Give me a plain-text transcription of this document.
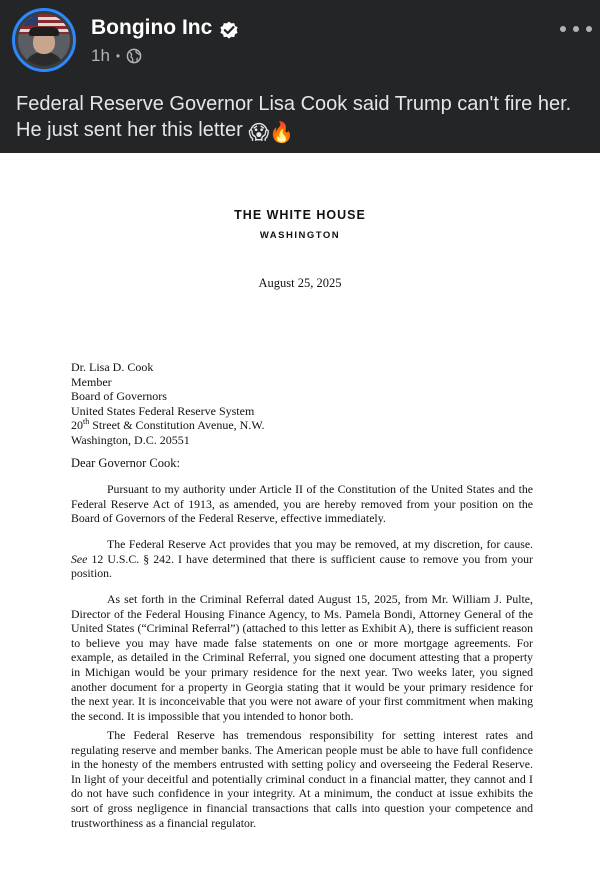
Bongino Inc
1h •
Federal Reserve Governor Lisa Cook said Trump can't fire her. He just sent her this letter 😱🔥
THE WHITE HOUSE
WASHINGTON
August 25, 2025
Dr. Lisa D. Cook
Member
Board of Governors
United States Federal Reserve System
20th Street & Constitution Avenue, N.W.
Washington, D.C. 20551
Dear Governor Cook:
Pursuant to my authority under Article II of the Constitution of the United States and the Federal Reserve Act of 1913, as amended, you are hereby removed from your position on the Board of Governors of the Federal Reserve, effective immediately.
The Federal Reserve Act provides that you may be removed, at my discretion, for cause. See 12 U.S.C. § 242. I have determined that there is sufficient cause to remove you from your position.
As set forth in the Criminal Referral dated August 15, 2025, from Mr. William J. Pulte, Director of the Federal Housing Finance Agency, to Ms. Pamela Bondi, Attorney General of the United States (“Criminal Referral”) (attached to this letter as Exhibit A), there is sufficient reason to believe you may have made false statements on one or more mortgage agreements. For example, as detailed in the Criminal Referral, you signed one document attesting that a property in Michigan would be your primary residence for the next year. Two weeks later, you signed another document for a property in Georgia stating that it would be your primary residence for the next year. It is inconceivable that you were not aware of your first commitment when making the second. It is impossible that you intended to honor both.
The Federal Reserve has tremendous responsibility for setting interest rates and regulating reserve and member banks. The American people must be able to have full confidence in the honesty of the members entrusted with setting policy and overseeing the Federal Reserve. In light of your deceitful and potentially criminal conduct in a financial matter, they cannot and I do not have such confidence in your integrity. At a minimum, the conduct at issue exhibits the sort of gross negligence in financial transactions that calls into question your competence and trustworthiness as a financial regulator.
